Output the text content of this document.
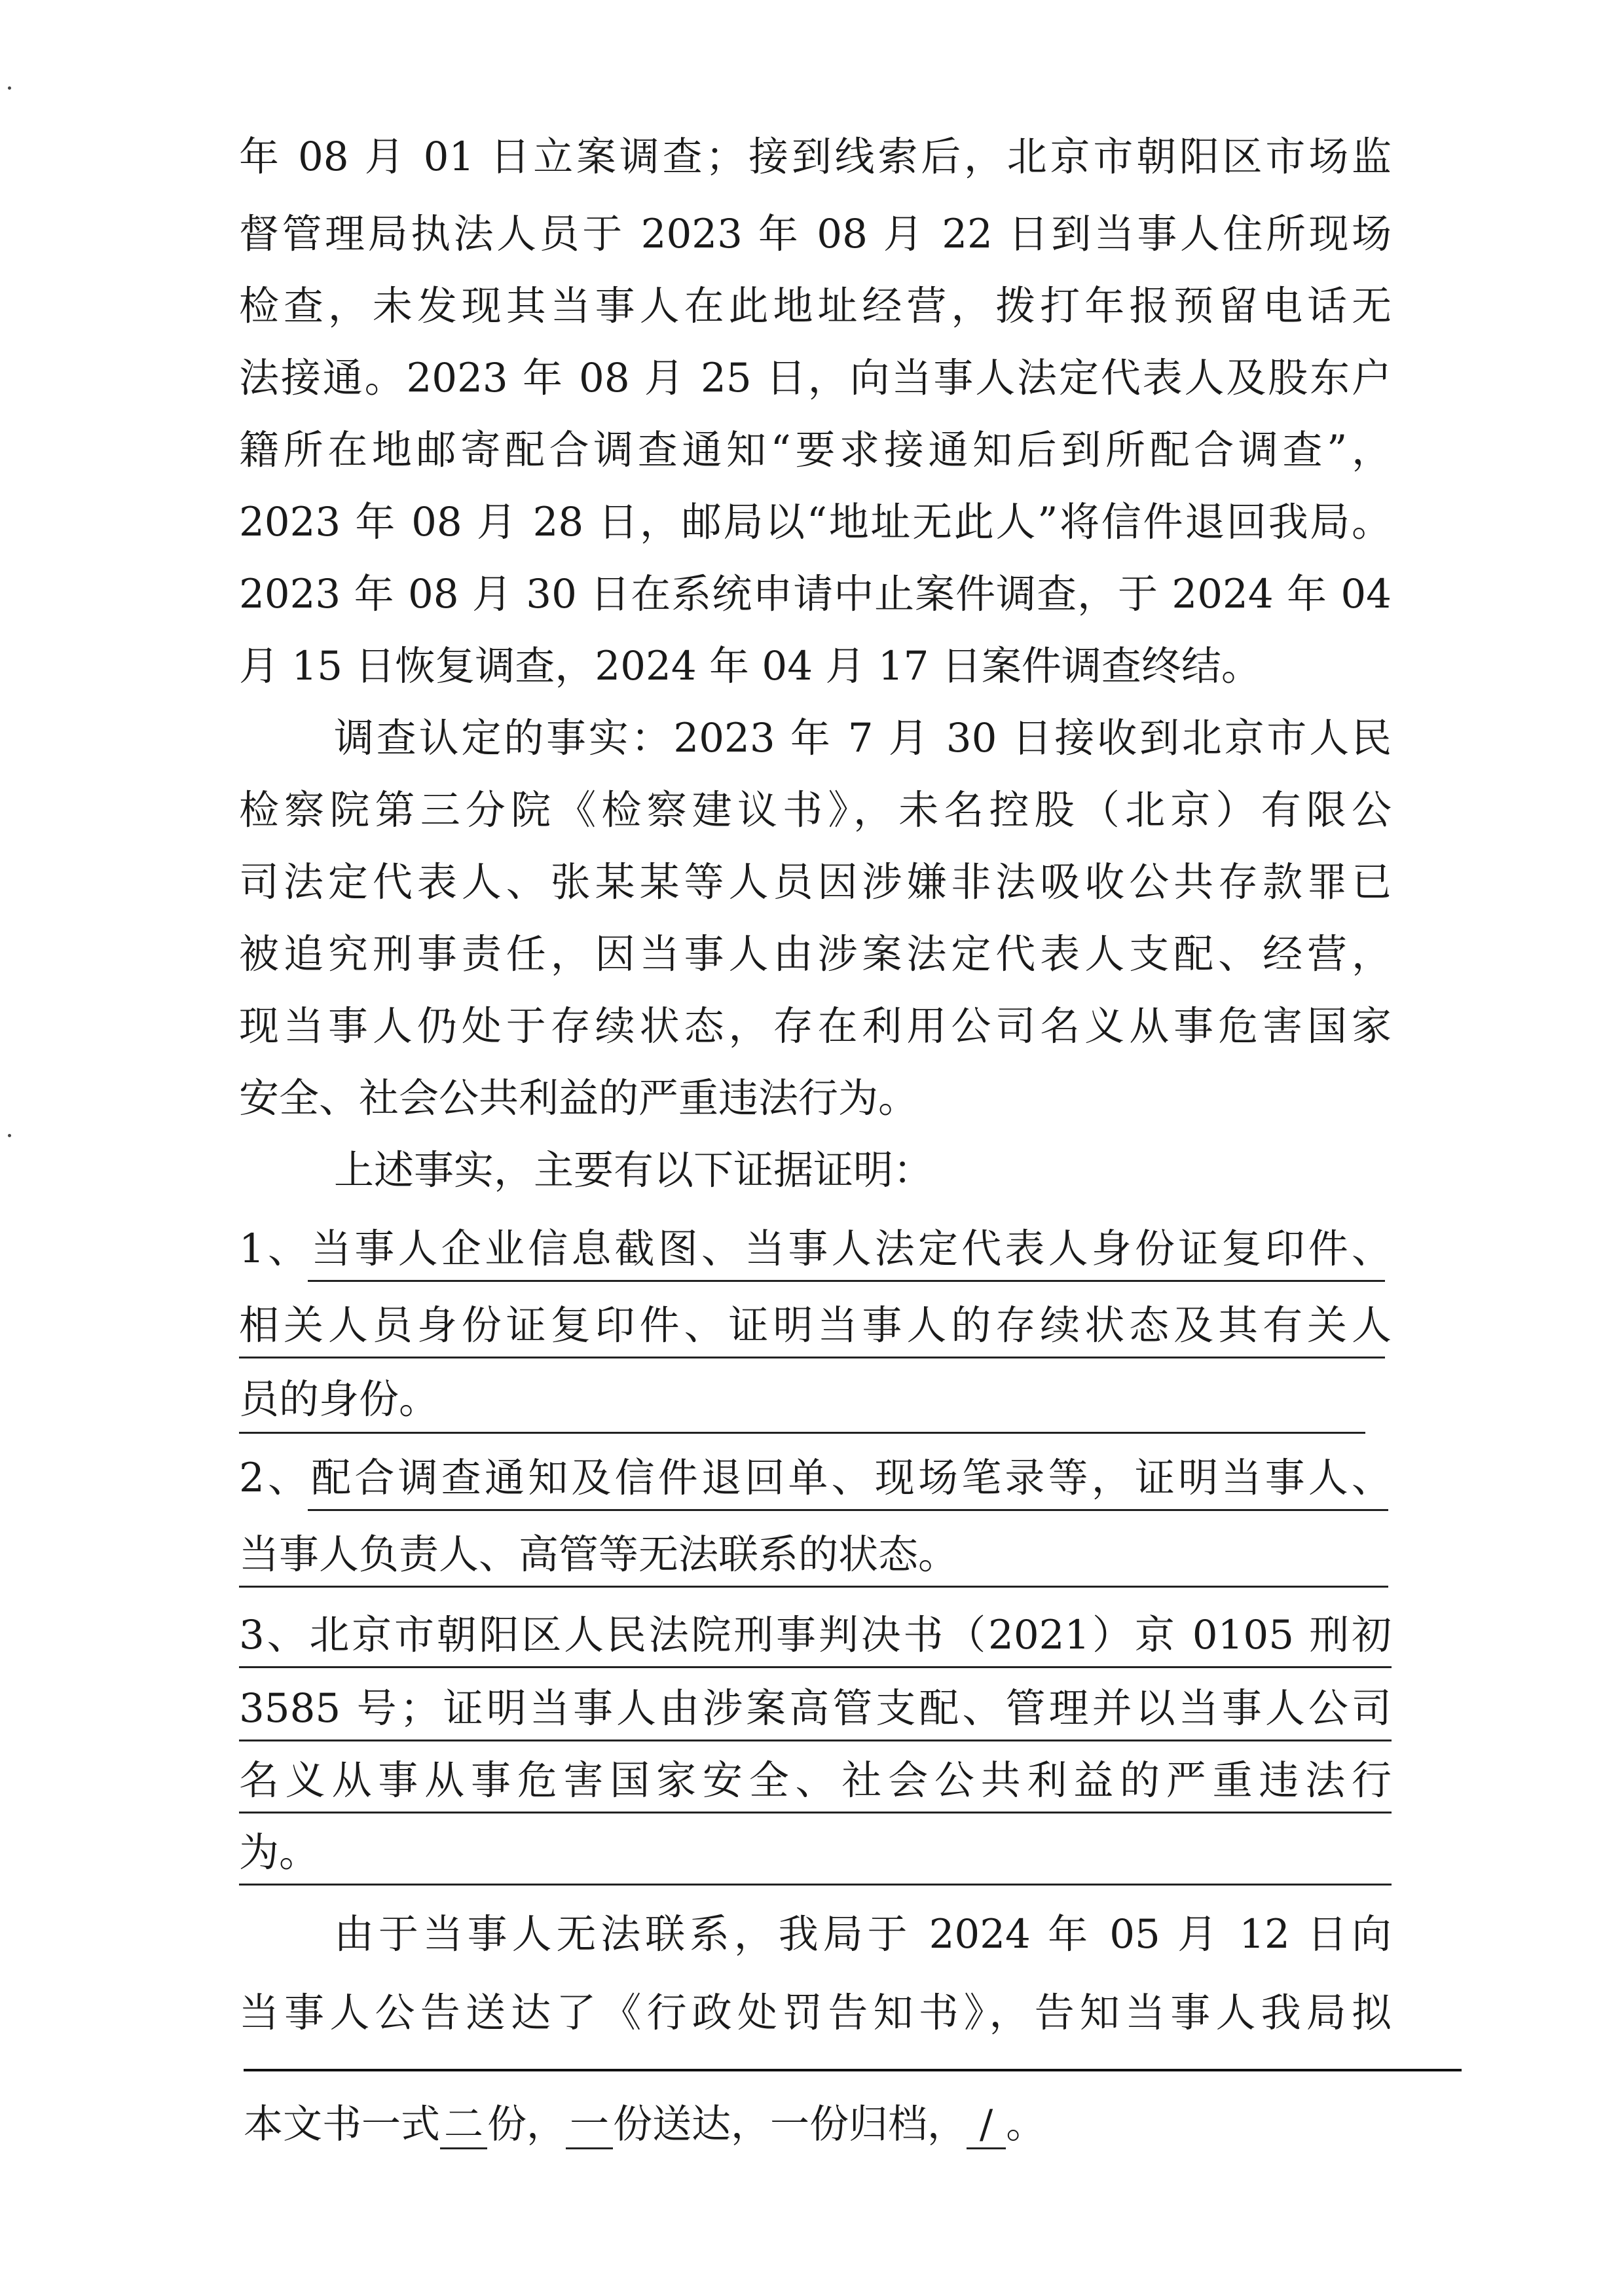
年 08 月 01 日立案调查；接到线索后，北京市朝阳区市场监
督管理局执法人员于 2023 年 08 月 22 日到当事人住所现场
检查，未发现其当事人在此地址经营，拨打年报预留电话无
法接通。2023 年 08 月 25 日，向当事人法定代表人及股东户
籍所在地邮寄配合调查通知“要求接通知后到所配合调查”，
2023 年 08 月 28 日，邮局以“地址无此人”将信件退回我局。
2023 年 08 月 30 日在系统申请中止案件调查，于 2024 年 04
月 15 日恢复调查，2024 年 04 月 17 日案件调查终结。
调查认定的事实：2023 年 7 月 30 日接收到北京市人民
检察院第三分院《检察建议书》，未名控股（北京）有限公
司法定代表人、张某某等人员因涉嫌非法吸收公共存款罪已
被追究刑事责任，因当事人由涉案法定代表人支配、经营，
现当事人仍处于存续状态，存在利用公司名义从事危害国家
安全、社会公共利益的严重违法行为。
上述事实，主要有以下证据证明：
1、当事人企业信息截图、当事人法定代表人身份证复印件、
相关人员身份证复印件、证明当事人的存续状态及其有关人
员的身份。
2、配合调查通知及信件退回单、现场笔录等，证明当事人、
当事人负责人、高管等无法联系的状态。
3、北京市朝阳区人民法院刑事判决书（2021）京 0105 刑初
3585 号；证明当事人由涉案高管支配、管理并以当事人公司
名义从事从事危害国家安全、社会公共利益的严重违法行
为。
由于当事人无法联系，我局于 2024 年 05 月 12 日向
当事人公告送达了《行政处罚告知书》，告知当事人我局拟
本文书一式 二 份， 一 份送达，一份归档， / 。
